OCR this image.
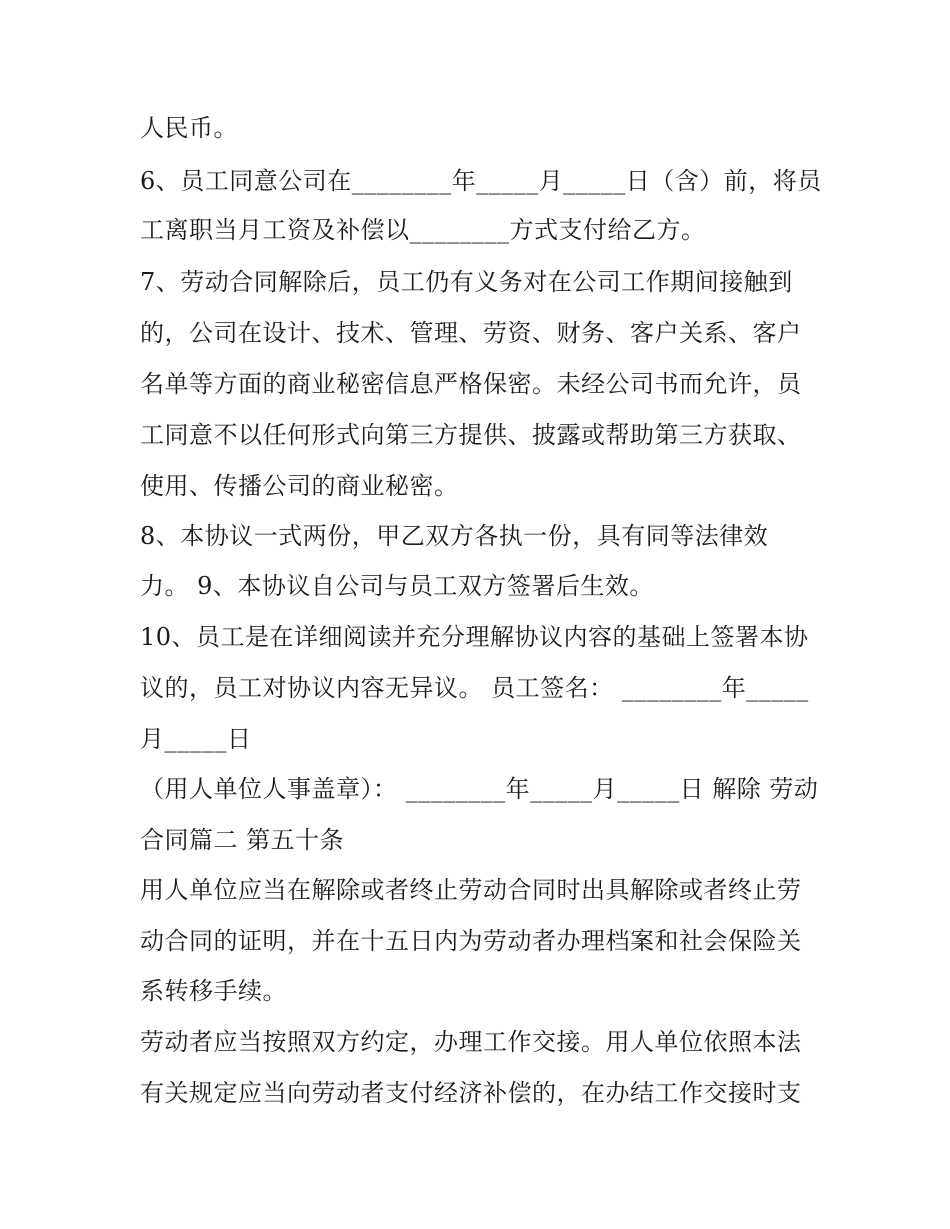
人民币。
6、员工同意公司在________年_____月_____日（含）前，将员
工离职当月工资及补偿以________方式支付给乙方。
7、劳动合同解除后，员工仍有义务对在公司工作期间接触到
的，公司在设计、技术、管理、劳资、财务、客户关系、客户
名单等方面的商业秘密信息严格保密。未经公司书而允许，员
工同意不以任何形式向第三方提供、披露或帮助第三方获取、
使用、传播公司的商业秘密。
8、本协议一式两份，甲乙双方各执一份，具有同等法律效
力。 9、本协议自公司与员工双方签署后生效。
10、员工是在详细阅读并充分理解协议内容的基础上签署本协
议的，员工对协议内容无异议。 员工签名： ________年_____
月_____日
（用人单位人事盖章）： ________年_____月_____日 解除 劳动
合同篇二 第五十条
用人单位应当在解除或者终止劳动合同时出具解除或者终止劳
动合同的证明，并在十五日内为劳动者办理档案和社会保险关
系转移手续。
劳动者应当按照双方约定，办理工作交接。用人单位依照本法
有关规定应当向劳动者支付经济补偿的，在办结工作交接时支
